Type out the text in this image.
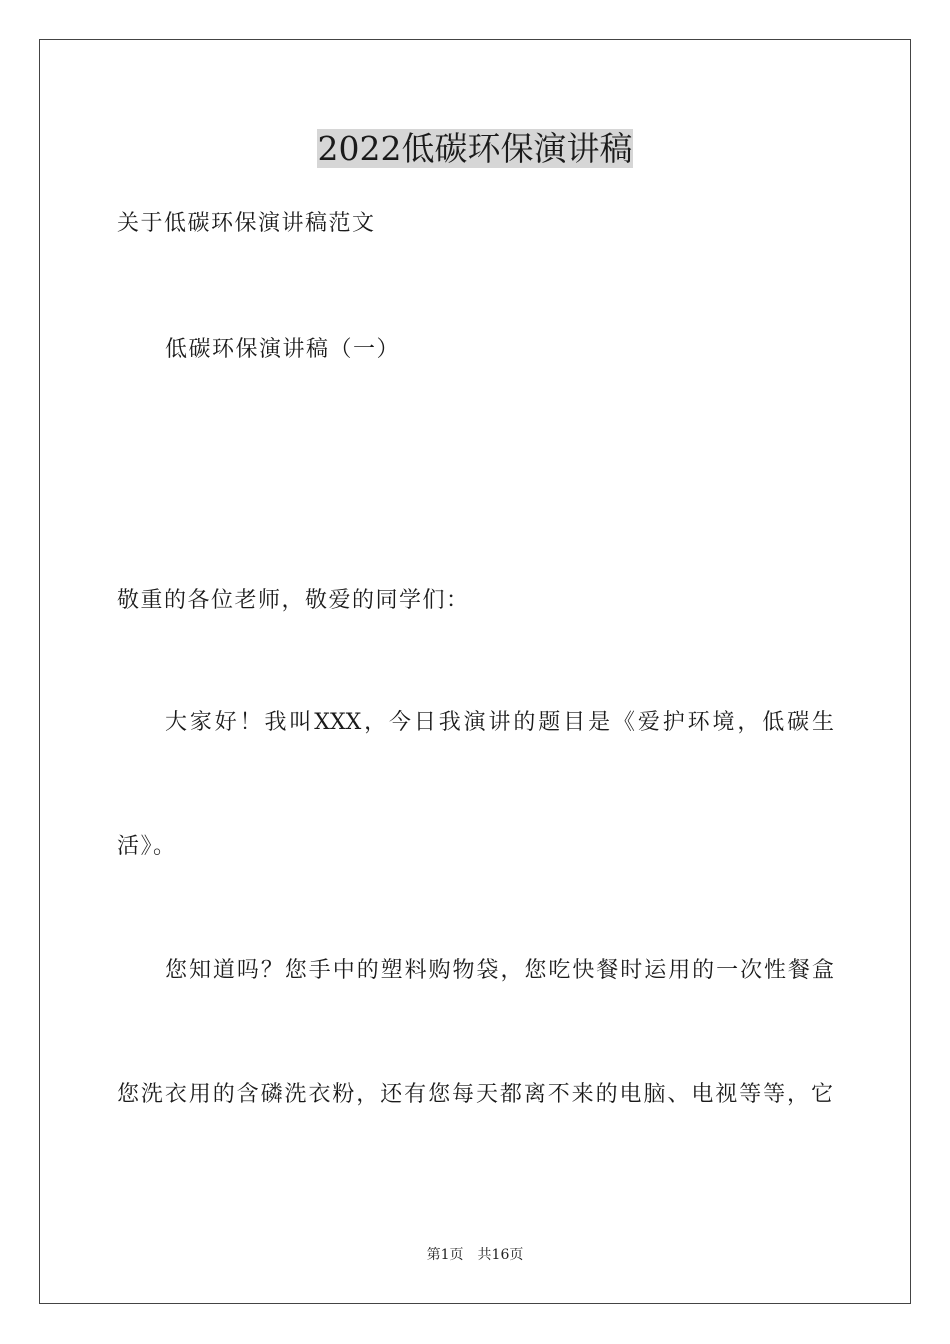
2022低碳环保演讲稿

关于低碳环保演讲稿范文

低碳环保演讲稿（一）

敬重的各位老师，敬爱的同学们：

大家好！我叫XXX，今日我演讲的题目是《爱护环境，低碳生

活》。

您知道吗？您手中的塑料购物袋，您吃快餐时运用的一次性餐盒

您洗衣用的含磷洗衣粉，还有您每天都离不来的电脑、电视等等，它

第1页 共16页
